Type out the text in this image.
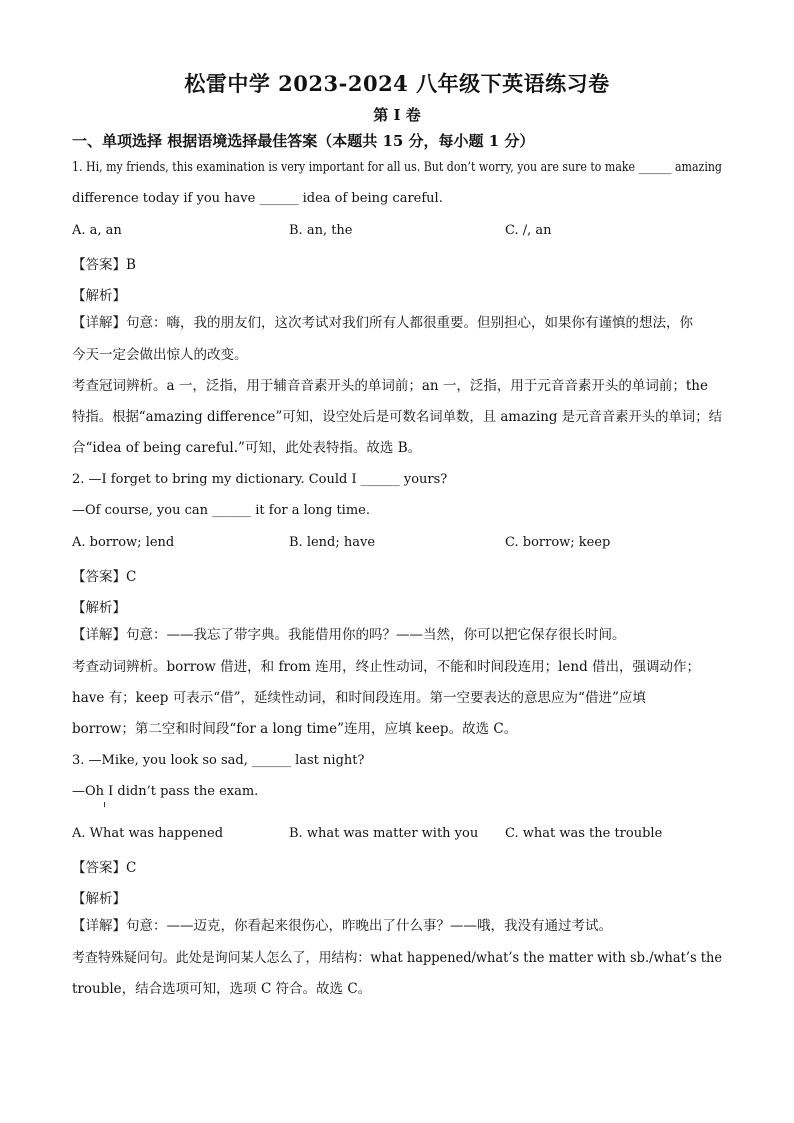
松雷中学 2023-2024 八年级下英语练习卷
第 I 卷
一、单项选择 根据语境选择最佳答案（本题共 15 分，每小题 1 分）
1. Hi, my friends, this examination is very important for all us. But don’t worry, you are sure to make ______ amazing
difference today if you have ______ idea of being careful.
A. a, an	B. an, the	C. /, an
【答案】B
【解析】
【详解】句意：嗨，我的朋友们，这次考试对我们所有人都很重要。但别担心，如果你有谨慎的想法，你
今天一定会做出惊人的改变。
考查冠词辨析。a 一，泛指，用于辅音音素开头的单词前；an 一，泛指，用于元音音素开头的单词前；the
特指。根据“amazing difference”可知，设空处后是可数名词单数，且 amazing 是元音音素开头的单词；结
合“idea of being careful.”可知，此处表特指。故选 B。
2. —I forget to bring my dictionary. Could I ______ yours?
—Of course, you can ______ it for a long time.
A. borrow; lend	B. lend; have	C. borrow; keep
【答案】C
【解析】
【详解】句意：——我忘了带字典。我能借用你的吗？——当然，你可以把它保存很长时间。
考查动词辨析。borrow 借进，和 from 连用，终止性动词，不能和时间段连用；lend 借出，强调动作；
have 有；keep 可表示“借”，延续性动词，和时间段连用。第一空要表达的意思应为“借进”应填
borrow；第二空和时间段“for a long time”连用，应填 keep。故选 C。
3. —Mike, you look so sad, ______ last night?
—Oh I didn’t pass the exam.
A. What was happened	B. what was matter with you C. what was the trouble
【答案】C
【解析】
【详解】句意：——迈克，你看起来很伤心，昨晚出了什么事？——哦，我没有通过考试。
考查特殊疑问句。此处是询问某人怎么了，用结构：what happened/what’s the matter with sb./what’s the
trouble，结合选项可知，选项 C 符合。故选 C。
